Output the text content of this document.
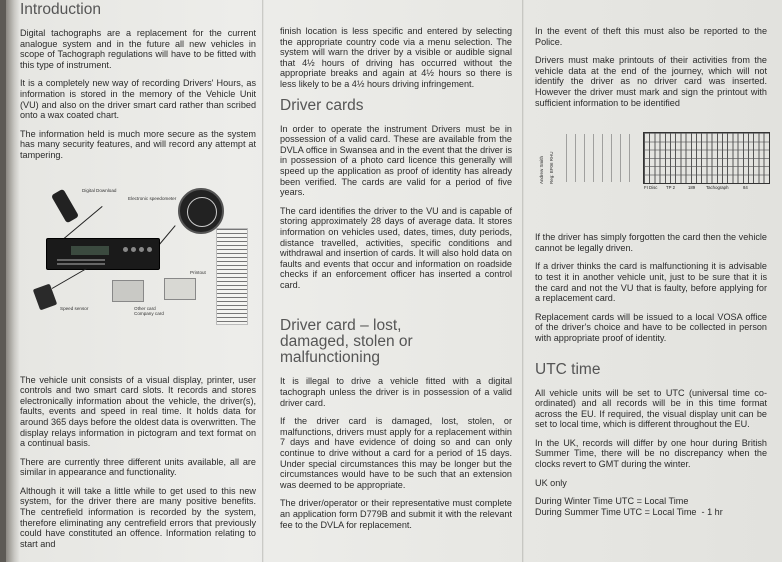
Introduction

Digital tachographs are a replacement for the current analogue system and in the future all new vehicles in scope of Tachograph regulations will have to be fitted with this type of instrument.

It is a completely new way of recording Drivers' Hours, as information is stored in the memory of the Vehicle Unit (VU) and also on the driver smart card rather than scribed onto a wax coated chart.

The information held is much more secure as the system has many security features, and will record any attempt at tampering.

The vehicle unit consists of a visual display, printer, user controls and two smart card slots. It records and stores electronically information about the vehicle, the driver(s), faults, events and speed in real time. It holds data for around 365 days before the oldest data is overwritten. The display relays information in pictogram and text format on a continual basis.

There are currently three different units available, all are similar in appearance and functionality.

Although it will take a little while to get used to this new system, for the driver there are many positive benefits. The centrefield information is recorded by the system, therefore eliminating any centrefield errors that previously could have constituted an offence. Information relating to start and

Digital Download
Electronic speedometer
Printout
Speed sensor	Other card
Company card

finish location is less specific and entered by selecting the appropriate country code via a menu selection. The system will warn the driver by a visible or audible signal that 4½ hours of driving has occurred without the appropriate breaks and again at 4½ hours so there is less likely to be a 4½ hours driving infringement.

Driver cards

In order to operate the instrument Drivers must be in possession of a valid card. These are available from the DVLA office in Swansea and in the event that the driver is in possession of a photo card licence this generally will speed up the application as proof of identity has already been verified. The cards are valid for a period of five years.

The card identifies the driver to the VU and is capable of storing approximately 28 days of average data. It stores information on vehicles used, dates, times, duty periods, distance travelled, activities, specific conditions and withdrawal and insertion of cards. It will also hold data on faults and events that occur and information on roadside checks if an enforcement officer has inserted a control card.

Driver card – lost,
damaged, stolen or
malfunctioning

It is illegal to drive a vehicle fitted with a digital tachograph unless the driver is in possession of a valid driver card.

If the driver card is damaged, lost, stolen, or malfunctions, drivers must apply for a replacement within 7 days and have evidence of doing so and can only continue to drive without a card for a period of 15 days. Under special circumstances this may be longer but the circumstances would have to be such that an extension was deemed to be appropriate.

The driver/operator or their representative must complete an application form D779B and submit it with the relevant fee to the DVLA for replacement.

In the event of theft this must also be reported to the Police.

Drivers must make printouts of their activities from the vehicle data at the end of the journey, which will not identify the driver as no driver card was inserted. However the driver must mark and sign the printout with sufficient information to be identified

If the driver has simply forgotten the card then the vehicle cannot be legally driven.

If a driver thinks the card is malfunctioning it is advisable to test it in another vehicle unit, just to be sure that it is the card and not the VU that is faulty, before applying for a replacement card.

Replacement cards will be issued to a local VOSA office of the driver's choice and have to be collected in person with appropriate proof of identity.

UTC time

All vehicle units will be set to UTC (universal time co-ordinated) and all records will be in this time format across the EU. If required, the visual display unit can be set to local time, which is different throughout the EU.

In the UK, records will differ by one hour during British Summer Time, there will be no discrepancy when the clocks revert to GMT during the winter.

UK only

During Winter Time UTC = Local Time

During Summer Time UTC = Local Time  - 1 hr

Andrew Smith Reg: BF06 RHU
FI Disc TP 2	189	Tachograph	84
